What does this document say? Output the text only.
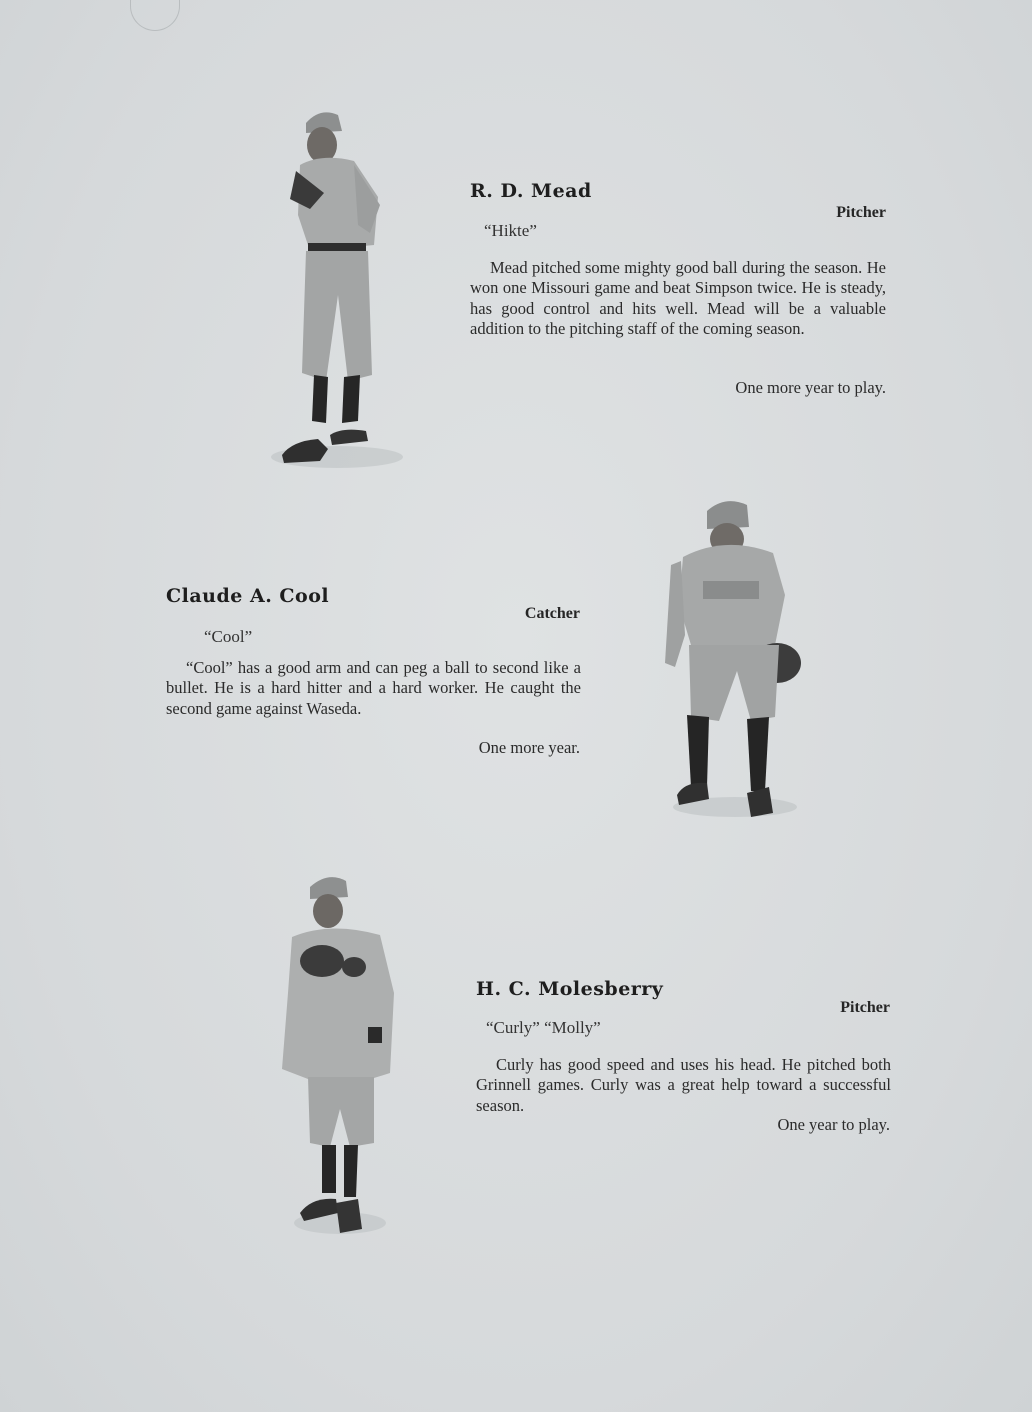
R. D. Mead
Pitcher
“Hikte”
Mead pitched some mighty good ball during the season. He won one Missouri game and beat Simpson twice. He is steady, has good control and hits well. Mead will be a valuable addition to the pitching staff of the coming season.
One more year to play.
Claude A. Cool
Catcher
“Cool”
“Cool” has a good arm and can peg a ball to second like a bullet. He is a hard hitter and a hard worker. He caught the second game against Waseda.
One more year.
H. C. Molesberry
Pitcher
“Curly” “Molly”
Curly has good speed and uses his head. He pitched both Grinnell games. Curly was a great help toward a successful season.
One year to play.
